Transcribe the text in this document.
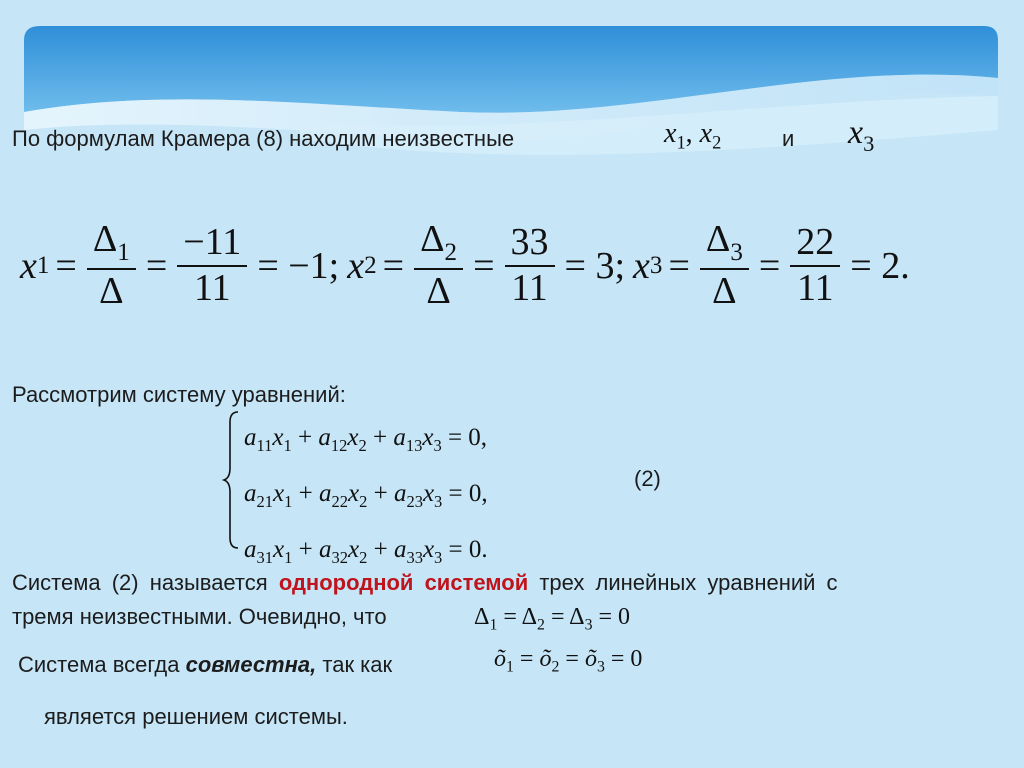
По формулам Крамера (8) находим неизвестные	$x_1$, $x_2$	и $x_3$
x $1 = \frac{\Delta_1}{\Delta} = \frac{-11}{11} = -1$; x $2 = \frac{\Delta_2}{\Delta} = \frac{33}{11} = 3$; x $3 = \frac{\Delta_3}{\Delta} = \frac{22}{11} = 2$.

Рассмотрим систему уравнений:

$a_{11}x_1 + a_{12}x_2 + a_{13}x_3 = 0$,
$a_{21}x_1 + a_{22}x_2 + a_{23}x_3 = 0$,
$a_{31}x_1 + a_{32}x_2 + a_{33}x_3 = 0$.

(2)

Система (2) называется однородной системой трех линейных уравнений с

тремя неизвестными. Очевидно, что	$\Delta_1 = \Delta_2 = \Delta_3 = 0$

Система всегда совместна, так как	$õ_1$ = $õ_2$ = $õ_3 = 0$

является решением системы.
